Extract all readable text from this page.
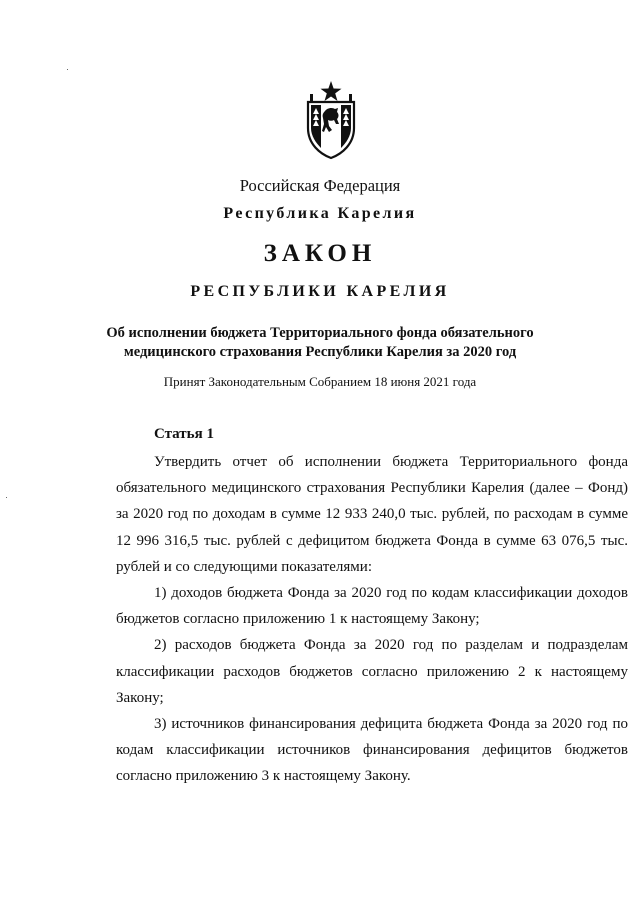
Российская Федерация
Республика Карелия
ЗАКОН
РЕСПУБЛИКИ КАРЕЛИЯ
Об исполнении бюджета Территориального фонда обязательного
медицинского страхования Республики Карелия за 2020 год
Принят Законодательным Собранием 18 июня 2021 года
Статья 1

Утвердить отчет об исполнении бюджета Территориального фонда обязательного медицинского страхования Республики Карелия (далее – Фонд) за 2020 год по доходам в сумме 12 933 240,0 тыс. рублей, по расходам в сумме 12 996 316,5 тыс. рублей с дефицитом бюджета Фонда в сумме 63 076,5 тыс. рублей и со следующими показателями:

1) доходов бюджета Фонда за 2020 год по кодам классификации доходов бюджетов согласно приложению 1 к настоящему Закону;

2) расходов бюджета Фонда за 2020 год по разделам и подразделам классификации расходов бюджетов согласно приложению 2 к настоящему Закону;

3) источников финансирования дефицита бюджета Фонда за 2020 год по кодам классификации источников финансирования дефицитов бюджетов согласно приложению 3 к настоящему Закону.
